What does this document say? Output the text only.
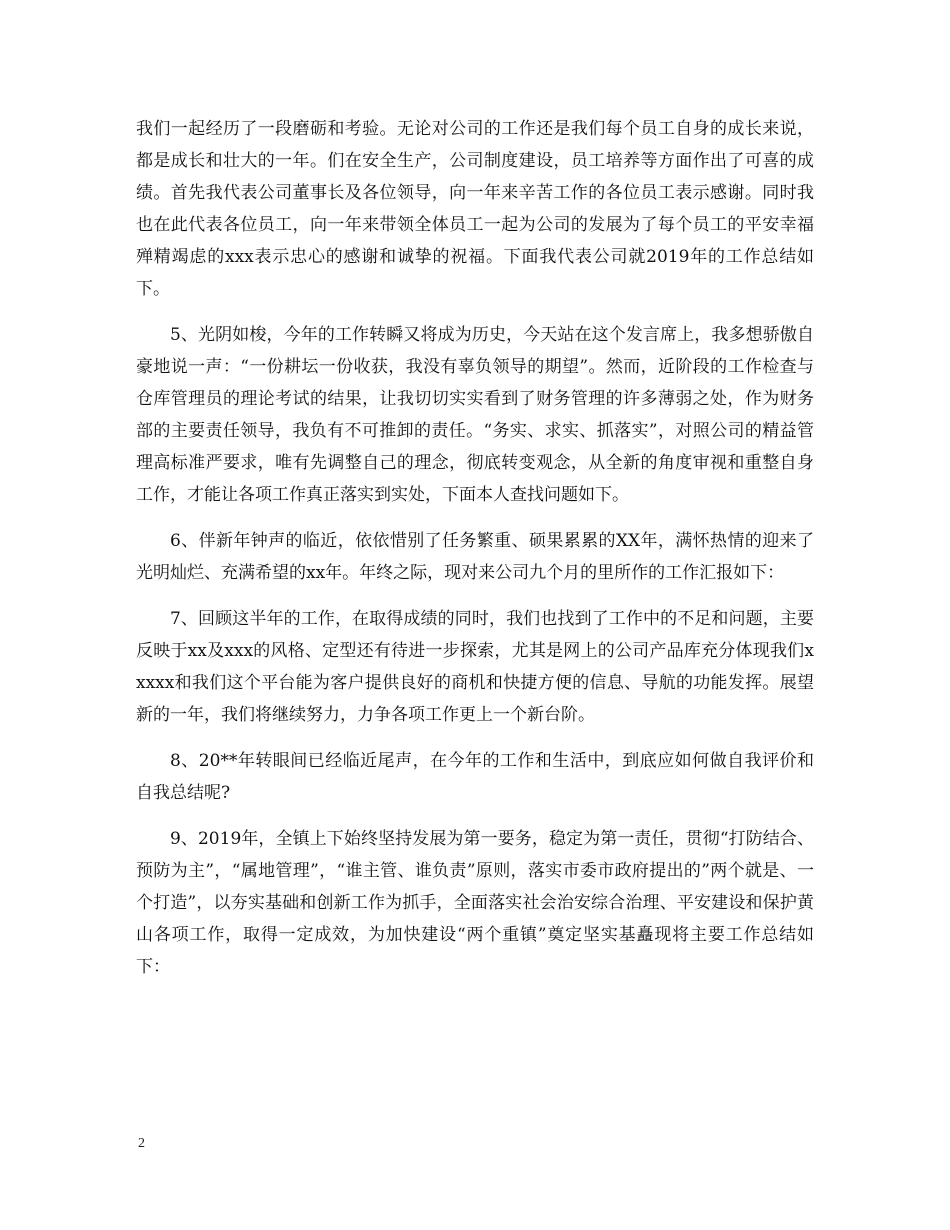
我们一起经历了一段磨砺和考验。无论对公司的工作还是我们每个员工自身的成长来说，都是成长和壮大的一年。们在安全生产，公司制度建设，员工培养等方面作出了可喜的成绩。首先我代表公司董事长及各位领导，向一年来辛苦工作的各位员工表示感谢。同时我也在此代表各位员工，向一年来带领全体员工一起为公司的发展为了每个员工的平安幸福殚精竭虑的xxx表示忠心的感谢和诚挚的祝福。下面我代表公司就2019年的工作总结如下。

5、光阴如梭，今年的工作转瞬又将成为历史，今天站在这个发言席上，我多想骄傲自豪地说一声：“一份耕坛一份收获，我没有辜负领导的期望”。然而，近阶段的工作检查与仓库管理员的理论考试的结果，让我切切实实看到了财务管理的许多薄弱之处，作为财务部的主要责任领导，我负有不可推卸的责任。“务实、求实、抓落实”，对照公司的精益管理高标准严要求，唯有先调整自己的理念，彻底转变观念，从全新的角度审视和重整自身工作，才能让各项工作真正落实到实处，下面本人查找问题如下。

6、伴新年钟声的临近，依依惜别了任务繁重、硕果累累的XX年，满怀热情的迎来了光明灿烂、充满希望的xx年。年终之际，现对来公司九个月的里所作的工作汇报如下：

7、回顾这半年的工作，在取得成绩的同时，我们也找到了工作中的不足和问题，主要反映于xx及xxx的风格、定型还有待进一步探索，尤其是网上的公司产品库充分体现我们xxxxx和我们这个平台能为客户提供良好的商机和快捷方便的信息、导航的功能发挥。展望新的一年，我们将继续努力，力争各项工作更上一个新台阶。

8、20**年转眼间已经临近尾声，在今年的工作和生活中，到底应如何做自我评价和自我总结呢?

9、2019年，全镇上下始终坚持发展为第一要务，稳定为第一责任，贯彻“打防结合、预防为主”，“属地管理”，“谁主管、谁负责”原则，落实市委市政府提出的”两个就是、一个打造”，以夯实基础和创新工作为抓手，全面落实社会治安综合治理、平安建设和保护黄山各项工作，取得一定成效，为加快建设“两个重镇”奠定坚实基矗现将主要工作总结如下：

2
